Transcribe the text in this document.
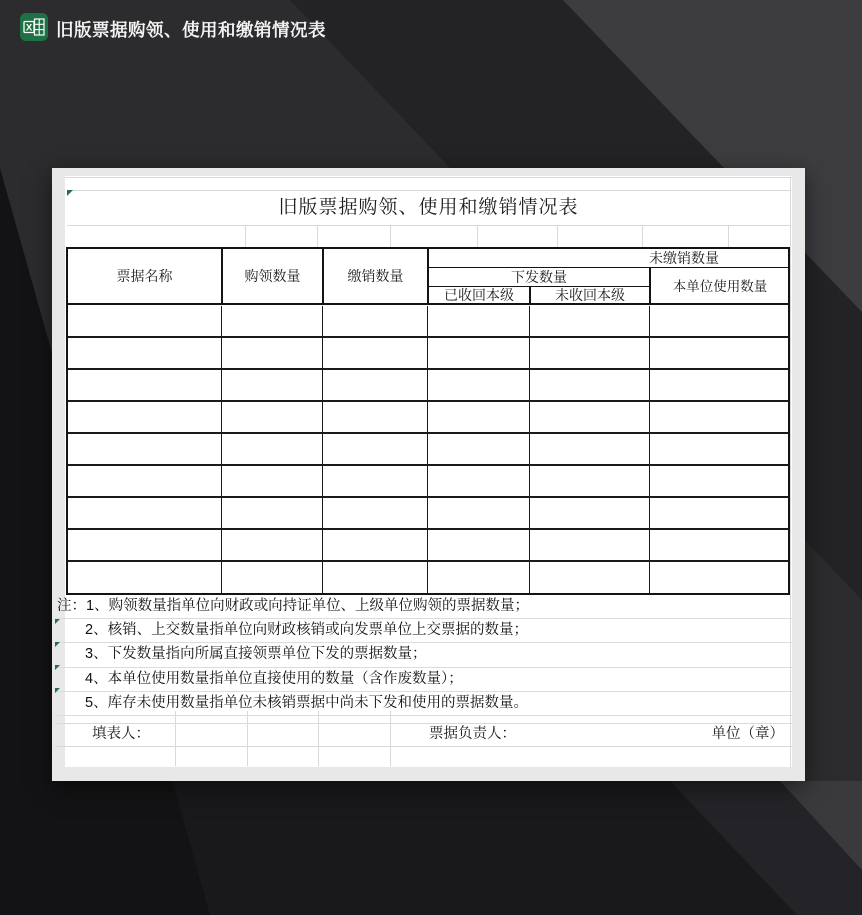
X 旧版票据购领、使用和缴销情况表
旧版票据购领、使用和缴销情况表
票据名称	购领数量	缴销数量
未缴销数量
下发数量
已收回本级	未收回本级	本单位使用数量
注：1、购领数量指单位向财政或向持证单位、上级单位购领的票据数量；
2、核销、上交数量指单位向财政核销或向发票单位上交票据的数量；
3、下发数量指向所属直接领票单位下发的票据数量；
4、本单位使用数量指单位直接使用的数量（含作废数量）；
5、库存未使用数量指单位未核销票据中尚未下发和使用的票据数量。
填表人：	票据负责人：	单位（章）
